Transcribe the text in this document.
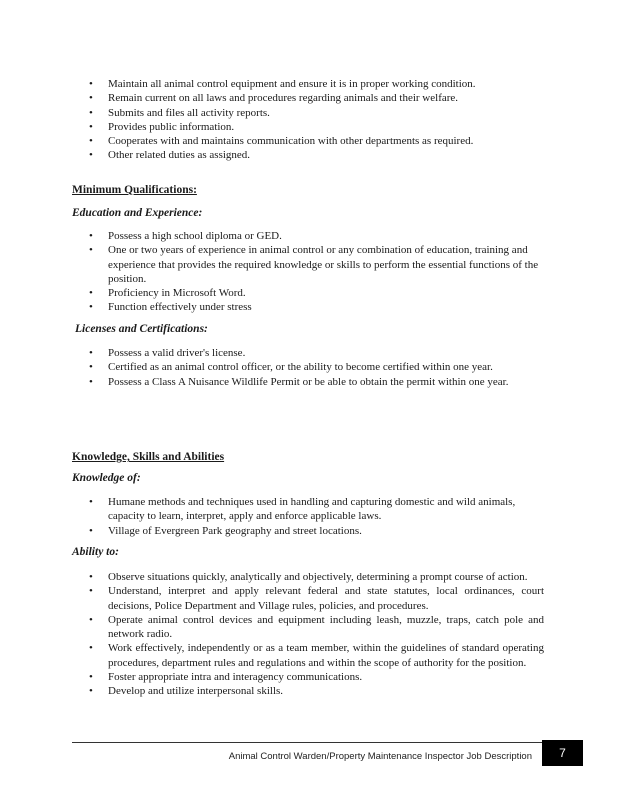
• Maintain all animal control equipment and ensure it is in proper working condition.
• Remain current on all laws and procedures regarding animals and their welfare.
• Submits and files all activity reports.
• Provides public information.
• Cooperates with and maintains communication with other departments as required.
• Other related duties as assigned.
Minimum Qualifications:
Education and Experience:
• Possess a high school diploma or GED.
• One or two years of experience in animal control or any combination of education, training and experience that provides the required knowledge or skills to perform the essential functions of the position.
• Proficiency in Microsoft Word.
• Function effectively under stress
Licenses and Certifications:
• Possess a valid driver's license.
• Certified as an animal control officer, or the ability to become certified within one year.
• Possess a Class A Nuisance Wildlife Permit or be able to obtain the permit within one year.
Knowledge, Skills and Abilities
Knowledge of:
• Humane methods and techniques used in handling and capturing domestic and wild animals, capacity to learn, interpret, apply and enforce applicable laws.
• Village of Evergreen Park geography and street locations.
Ability to:
• Observe situations quickly, analytically and objectively, determining a prompt course of action.
• Understand, interpret and apply relevant federal and state statutes, local ordinances, court decisions, Police Department and Village rules, policies, and procedures.
• Operate animal control devices and equipment including leash, muzzle, traps, catch pole and network radio.
• Work effectively, independently or as a team member, within the guidelines of standard operating procedures, department rules and regulations and within the scope of authority for the position.
• Foster appropriate intra and interagency communications.
• Develop and utilize interpersonal skills.
Animal Control Warden/Property Maintenance Inspector Job Description	7
